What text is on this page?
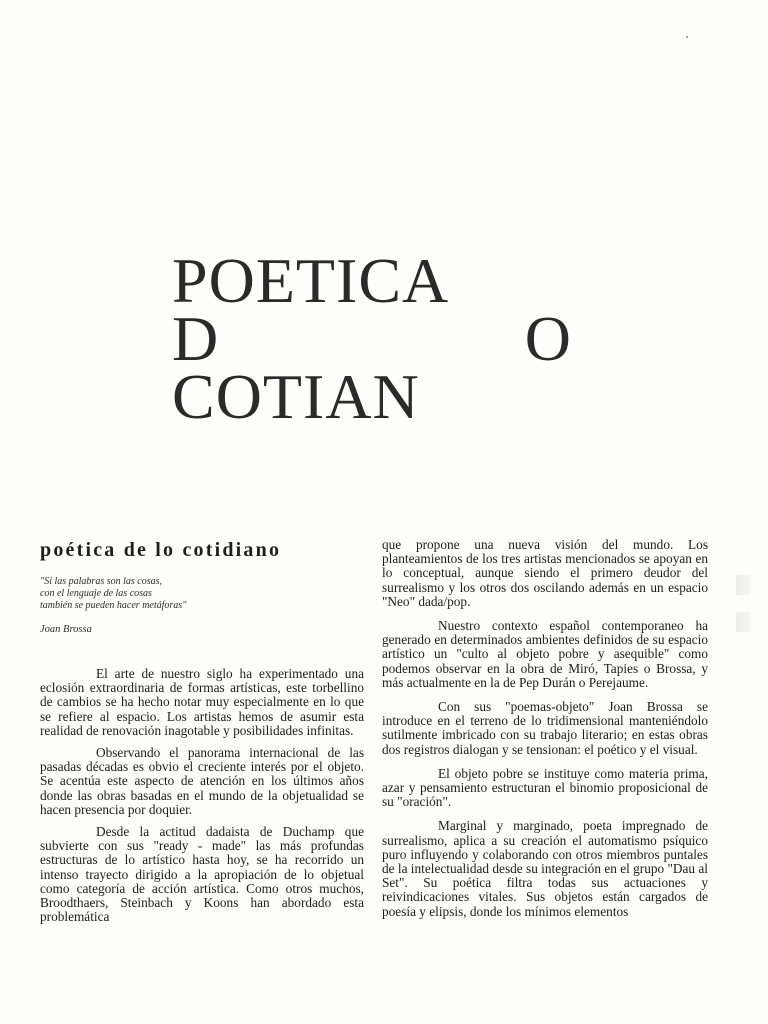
POETICA
D	O
COTIAN
poética de lo cotidiano
"Si las palabras son las cosas,
con el lenguaje de las cosas
también se pueden hacer metáforas"
Joan Brossa

El arte de nuestro siglo ha experimentado una eclosión extraordinaria de formas artísticas, este torbellino de cambios se ha hecho notar muy especialmente en lo que se refiere al espacio. Los artistas hemos de asumir esta realidad de renovación inagotable y posibilidades infinitas.

Observando el panorama internacional de las pasadas décadas es obvio el creciente interés por el objeto. Se acentúa este aspecto de atención en los últimos años donde las obras basadas en el mundo de la objetualidad se hacen presencia por doquier.

Desde la actitud dadaista de Duchamp que subvierte con sus "ready - made" las más profundas estructuras de lo artístico hasta hoy, se ha recorrido un intenso trayecto dirigido a la apropiación de lo objetual como categoría de acción artística. Como otros muchos, Broodthaers, Steinbach y Koons han abordado esta problemática

que propone una nueva visión del mundo. Los planteamientos de los tres artistas mencionados se apoyan en lo conceptual, aunque siendo el primero deudor del surrealismo y los otros dos oscilando además en un espacio "Neo" dada/pop.

Nuestro contexto español contemporaneo ha generado en determinados ambientes definidos de su espacio artístico un "culto al objeto pobre y asequible" como podemos observar en la obra de Miró, Tapies o Brossa, y más actualmente en la de Pep Durán o Perejaume.

Con sus "poemas-objeto" Joan Brossa se introduce en el terreno de lo tridimensional manteniéndolo sutilmente imbricado con su trabajo literario; en estas obras dos registros dialogan y se tensionan: el poético y el visual.

El objeto pobre se instituye como materia prima, azar y pensamiento estructuran el binomio proposicional de su "oración".

Marginal y marginado, poeta impregnado de surrealismo, aplica a su creación el automatismo psíquico puro influyendo y colaborando con otros miembros puntales de la intelectualidad desde su integración en el grupo "Dau al Set". Su poética filtra todas sus actuaciones y reivindicaciones vitales. Sus objetos están cargados de poesía y elipsis, donde los mínimos elementos
